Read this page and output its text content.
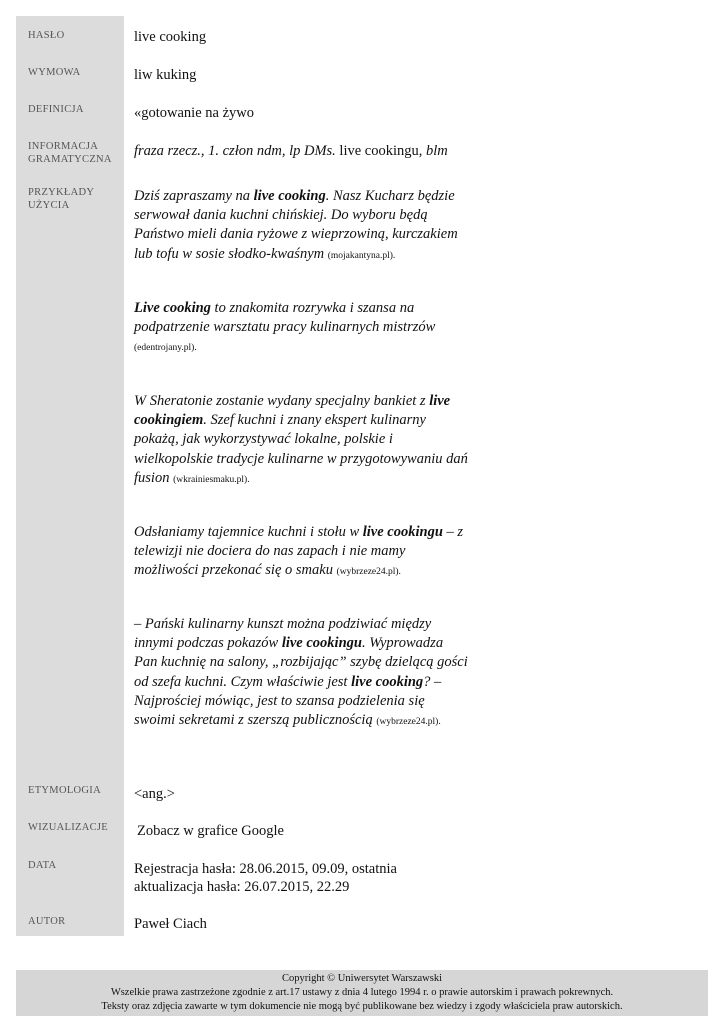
HASŁO
WYMOWA
DEFINICJA
INFORMACJA
GRAMATYCZNA
PRZYKŁADY
UŻYCIA
ETYMOLOGIA
WIZUALIZACJE
DATA
AUTOR
live cooking
liw kuking
«gotowanie na żywo
fraza rzecz., 1. człon ndm, lp DMs. live cookingu, blm
Dziś zapraszamy na live cooking. Nasz Kucharz będzie serwował dania kuchni chińskiej. Do wyboru będą Państwo mieli dania ryżowe z wieprzowiną, kurczakiem lub tofu w sosie słodko-kwaśnym (mojakantyna.pl).
Live cooking to znakomita rozrywka i szansa na podpatrzenie warsztatu pracy kulinarnych mistrzów (edentrojany.pl).
W Sheratonie zostanie wydany specjalny bankiet z live cookingiem. Szef kuchni i znany ekspert kulinarny pokażą, jak wykorzystywać lokalne, polskie i wielkopolskie tradycje kulinarne w przygotowywaniu dań fusion (wkrainiesmaku.pl).
Odsłaniamy tajemnice kuchni i stołu w live cookingu – z telewizji nie dociera do nas zapach i nie mamy możliwości przekonać się o smaku (wybrzeze24.pl).
– Pański kulinarny kunszt można podziwiać między innymi podczas pokazów live cookingu. Wyprowadza Pan kuchnię na salony, „rozbijając” szybę dzielącą gości od szefa kuchni. Czym właściwie jest live cooking? – Najprościej mówiąc, jest to szansa podzielenia się swoimi sekretami z szerszą publicznością (wybrzeze24.pl).
<ang.>
Zobacz w grafice Google
Rejestracja hasła: 28.06.2015, 09.09, ostatnia
aktualizacja hasła: 26.07.2015, 22.29
Paweł Ciach
Copyright © Uniwersytet Warszawski
Wszelkie prawa zastrzeżone zgodnie z art.17 ustawy z dnia 4 lutego 1994 r. o prawie autorskim i prawach pokrewnych.
Teksty oraz zdjęcia zawarte w tym dokumencie nie mogą być publikowane bez wiedzy i zgody właściciela praw autorskich.
